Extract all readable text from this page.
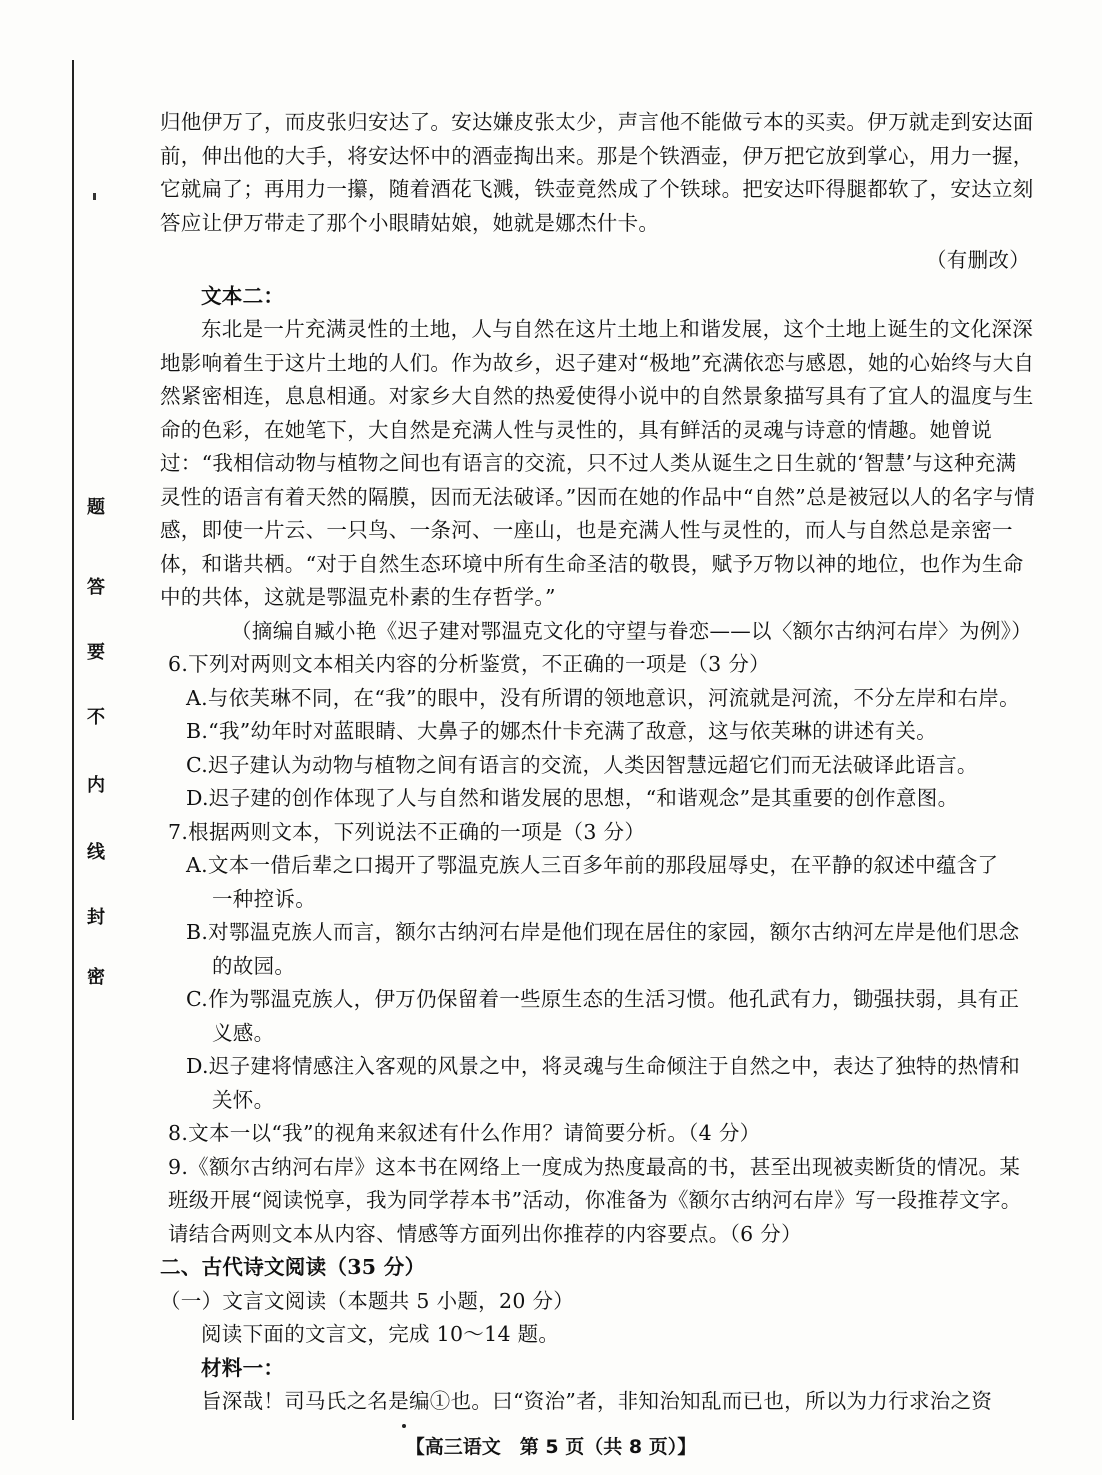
题
答
要
不
内
线
封
密

归他伊万了，而皮张归安达了。安达嫌皮张太少，声言他不能做亏本的买卖。伊万就走到安达面前，伸出他的大手，将安达怀中的酒壶掏出来。那是个铁酒壶，伊万把它放到掌心，用力一握，它就扁了；再用力一攥，随着酒花飞溅，铁壶竟然成了个铁球。把安达吓得腿都软了，安达立刻答应让伊万带走了那个小眼睛姑娘，她就是娜杰什卡。

（有删改）

文本二：

东北是一片充满灵性的土地，人与自然在这片土地上和谐发展，这个土地上诞生的文化深深地影响着生于这片土地的人们。作为故乡，迟子建对“极地”充满依恋与感恩，她的心始终与大自然紧密相连，息息相通。对家乡大自然的热爱使得小说中的自然景象描写具有了宜人的温度与生命的色彩，在她笔下，大自然是充满人性与灵性的，具有鲜活的灵魂与诗意的情趣。她曾说过：“我相信动物与植物之间也有语言的交流，只不过人类从诞生之日生就的‘智慧’与这种充满灵性的语言有着天然的隔膜，因而无法破译。”因而在她的作品中“自然”总是被冠以人的名字与情感，即使一片云、一只鸟、一条河、一座山，也是充满人性与灵性的，而人与自然总是亲密一体，和谐共栖。“对于自然生态环境中所有生命圣洁的敬畏，赋予万物以神的地位，也作为生命中的共体，这就是鄂温克朴素的生存哲学。”

（摘编自臧小艳《迟子建对鄂温克文化的守望与眷恋——以〈额尔古纳河右岸〉为例》）

6.下列对两则文本相关内容的分析鉴赏，不正确的一项是（3 分）

A.与依芙琳不同，在“我”的眼中，没有所谓的领地意识，河流就是河流，不分左岸和右岸。

B.“我”幼年时对蓝眼睛、大鼻子的娜杰什卡充满了敌意，这与依芙琳的讲述有关。

C.迟子建认为动物与植物之间有语言的交流，人类因智慧远超它们而无法破译此语言。

D.迟子建的创作体现了人与自然和谐发展的思想，“和谐观念”是其重要的创作意图。

7.根据两则文本，下列说法不正确的一项是（3 分）

A.文本一借后辈之口揭开了鄂温克族人三百多年前的那段屈辱史，在平静的叙述中蕴含了

一种控诉。

B.对鄂温克族人而言，额尔古纳河右岸是他们现在居住的家园，额尔古纳河左岸是他们思念

的故园。

C.作为鄂温克族人，伊万仍保留着一些原生态的生活习惯。他孔武有力，锄强扶弱，具有正

义感。

D.迟子建将情感注入客观的风景之中，将灵魂与生命倾注于自然之中，表达了独特的热情和

关怀。

8.文本一以“我”的视角来叙述有什么作用？请简要分析。（4 分）

9.《额尔古纳河右岸》这本书在网络上一度成为热度最高的书，甚至出现被卖断货的情况。某班级开展“阅读悦享，我为同学荐本书”活动，你准备为《额尔古纳河右岸》写一段推荐文字。请结合两则文本从内容、情感等方面列出你推荐的内容要点。（6 分）

二、古代诗文阅读（35 分）

（一）文言文阅读（本题共 5 小题，20 分）

阅读下面的文言文，完成 10～14 题。

材料一：

旨深哉！司马氏之名是编①也。曰“资治”者，非知治知乱而已也，所以为力行求治之资

【高三语文　第 5 页（共 8 页）】
